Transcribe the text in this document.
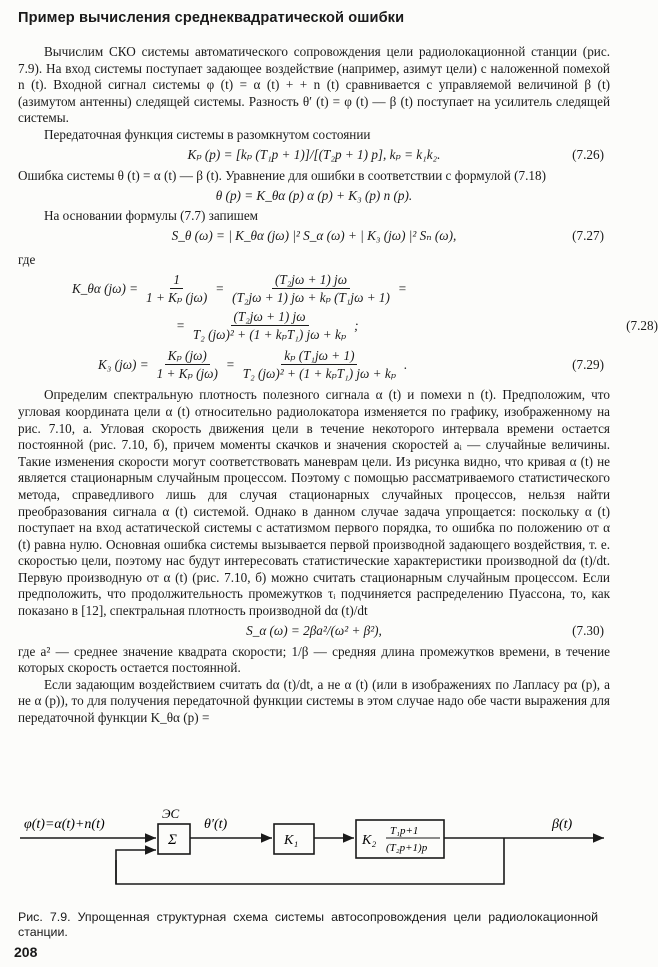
Пример вычисления среднеквадратической ошибки

Вычислим СКО системы автоматического сопровождения цели радиолокационной станции (рис. 7.9). На вход системы поступает задающее воздействие (например, азимут цели) с наложенной помехой n (t). Входной сигнал системы φ (t) = α (t) + + n (t) сравнивается с управляемой величиной β (t) (азимутом антенны) следящей системы. Разность θ′ (t) = φ (t) — β (t) поступает на усилитель следящей системы.

Передаточная функция системы в разомкнутом состоянии

Kₚ (p) = [kₚ (T₁p + 1)]/[(T₂p + 1) p], kₚ = k₁k₂.	(7.26)

Ошибка системы θ (t) = α (t) — β (t). Уравнение для ошибки в соответствии с формулой (7.18)

θ (p) = K_θα (p) α (p) + K₃ (p) n (p).

На основании формулы (7.7) запишем

S_θ (ω) = | K_θα (jω) |² S_α (ω) + | K₃ (jω) |² Sₙ (ω),	(7.27)
где
K_θα $(j\omega) = \frac{1}{\text{1 + Kₚ (jω)}} = \frac{\text{(T₂jω + 1) jω}}{\text{(T₂jω + 1) jω + kₚ (T₁jω + 1)}}$ =
= $\frac{\text{(T₂jω + 1) jω}}{\text{T₂ (jω)² + (1 + kₚT₁) jω + kₚ}}$ ;	(7.28)
K₃ $(j\omega) = \frac{\text{Kₚ (jω)}}{\text{1 + Kₚ (jω)}} = \frac{\text{kₚ (T₁jω + 1)}}{\text{T₂ (jω)² + (1 + kₚT₁) jω + kₚ}}$ .	(7.29)

Определим спектральную плотность полезного сигнала α (t) и помехи n (t). Предположим, что угловая координата цели α (t) относительно радиолокатора изменяется по графику, изображенному на рис. 7.10, а. Угловая скорость движения цели в течение некоторого интервала времени остается постоянной (рис. 7.10, б), причем моменты скачков и значения скоростей aᵢ — случайные величины. Такие изменения скорости могут соответствовать маневрам цели. Из рисунка видно, что кривая α (t) не является стационарным случайным процессом. Поэтому с помощью рассматриваемого статистического метода, справедливого лишь для случая стационарных случайных процессов, нельзя найти преобразования сигнала α (t) системой. Однако в данном случае задача упрощается: поскольку α (t) поступает на вход астатической системы с астатизмом первого порядка, то ошибка по положению от α (t) равна нулю. Основная ошибка системы вызывается первой производной задающего воздействия, т. е. скоростью цели, поэтому нас будут интересовать статистические характеристики производной dα (t)/dt. Первую производную от α (t) (рис. 7.10, б) можно считать стационарным случайным процессом. Если предположить, что продолжительность промежутков τᵢ подчиняется распределению Пуассона, то, как показано в [12], спектральная плотность производной dα (t)/dt

S_α (ω) = 2βa²/(ω² + β²),	(7.30)

где a² — среднее значение квадрата скорости; 1/β — средняя длина промежутков времени, в течение которых скорость остается постоянной.

Если задающим воздействием считать dα (t)/dt, а не α (t) (или в изображениях по Лапласу pα (p), а не α (p)), то для получения передаточной функции системы в этом случае надо обе части выражения для передаточной функции K_θα (p) =

φ(t)=α(t)+n(t)
Σ
ЭС
θ′(t)
K₁	K₂
T₁p+1
(T₂p+1)p
β(t)
Рис. 7.9. Упрощенная структурная схема системы автосопровождения цели радиолокационной станции.
208
